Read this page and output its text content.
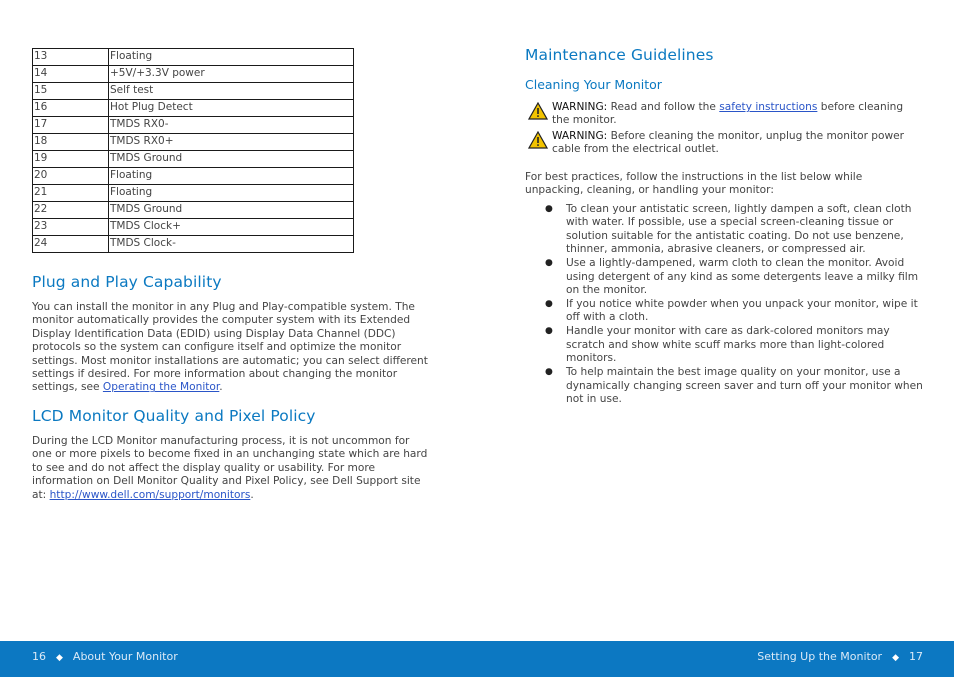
13	Floating
14	+5V/+3.3V power
15	Self test
16	Hot Plug Detect
17	TMDS RX0-
18	TMDS RX0+
19	TMDS Ground
20	Floating
21	Floating
22	TMDS Ground
23	TMDS Clock+
24	TMDS Clock-
Plug and Play Capability

You can install the monitor in any Plug and Play-compatible system. The monitor automatically provides the computer system with its Extended Display Identification Data (EDID) using Display Data Channel (DDC) protocols so the system can configure itself and optimize the monitor settings. Most monitor installations are automatic; you can select different settings if desired. For more information about changing the monitor settings, see Operating the Monitor.

LCD Monitor Quality and Pixel Policy

During the LCD Monitor manufacturing process, it is not uncommon for one or more pixels to become fixed in an unchanging state which are hard to see and do not affect the display quality or usability. For more information on Dell Monitor Quality and Pixel Policy, see Dell Support site at: http://www.dell.com/support/monitors.

Maintenance Guidelines
Cleaning Your Monitor
WARNING: Read and follow the safety instructions before cleaning the monitor.
WARNING: Before cleaning the monitor, unplug the monitor power cable from the electrical outlet.

For best practices, follow the instructions in the list below while unpacking, cleaning, or handling your monitor:

● To clean your antistatic screen, lightly dampen a soft, clean cloth with water. If possible, use a special screen-cleaning tissue or solution suitable for the antistatic coating. Do not use benzene, thinner, ammonia, abrasive cleaners, or compressed air.
● Use a lightly-dampened, warm cloth to clean the monitor. Avoid using detergent of any kind as some detergents leave a milky film on the monitor.
● If you notice white powder when you unpack your monitor, wipe it off with a cloth.
● Handle your monitor with care as dark-colored monitors may scratch and show white scuff marks more than light-colored monitors.
● To help maintain the best image quality on your monitor, use a dynamically changing screen saver and turn off your monitor when not in use.
16 ◆ About Your Monitor	Setting Up the Monitor ◆ 17
